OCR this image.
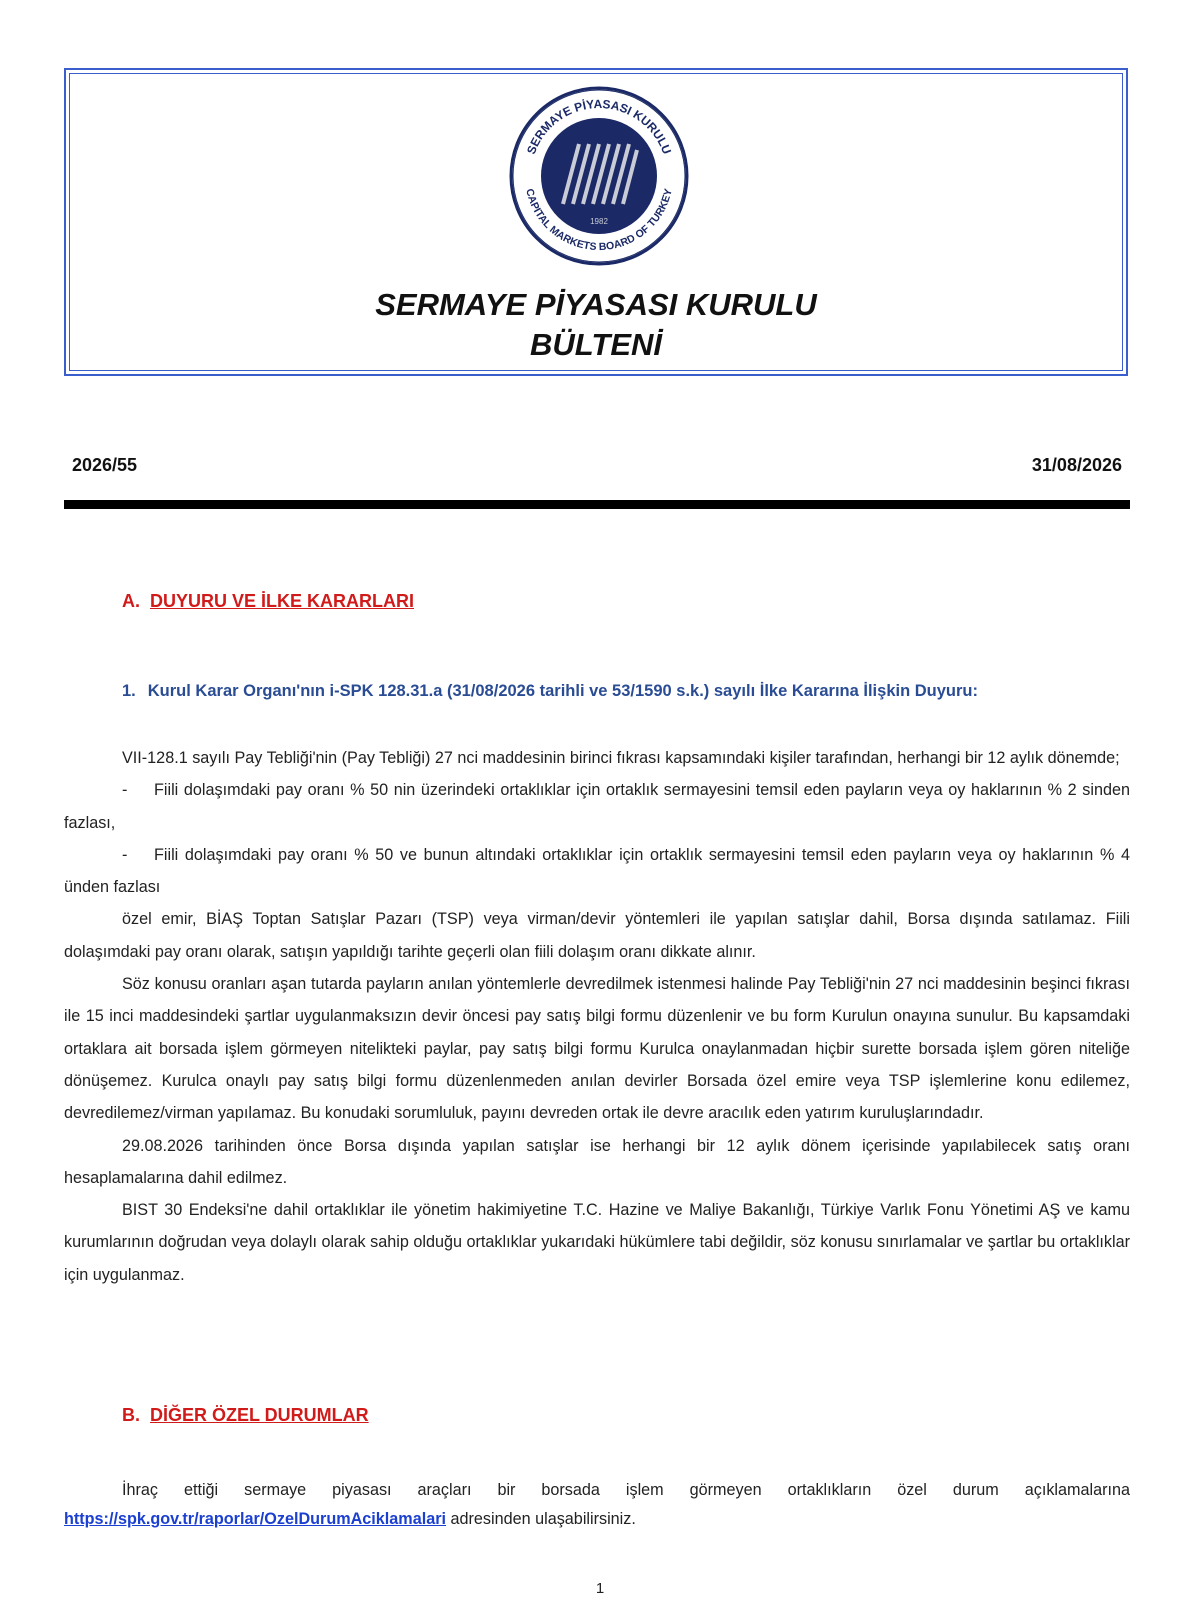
SERMAYE PİYASASI KURULU
CAPITAL MARKETS BOARD OF TURKEY
1982
SERMAYE PİYASASI KURULU
BÜLTENİ
2026/55	31/08/2026
A. DUYURU VE İLKE KARARLARI
1. Kurul Karar Organı'nın i-SPK 128.31.a (31/08/2026 tarihli ve 53/1590 s.k.) sayılı İlke Kararına İlişkin Duyuru:

VII-128.1 sayılı Pay Tebliği'nin (Pay Tebliği) 27 nci maddesinin birinci fıkrası kapsamındaki kişiler tarafından, herhangi bir 12 aylık dönemde;

- Fiili dolaşımdaki pay oranı % 50 nin üzerindeki ortaklıklar için ortaklık sermayesini temsil eden payların veya oy haklarının % 2 sinden fazlası,

- Fiili dolaşımdaki pay oranı % 50 ve bunun altındaki ortaklıklar için ortaklık sermayesini temsil eden payların veya oy haklarının % 4 ünden fazlası

özel emir, BİAŞ Toptan Satışlar Pazarı (TSP) veya virman/devir yöntemleri ile yapılan satışlar dahil, Borsa dışında satılamaz. Fiili dolaşımdaki pay oranı olarak, satışın yapıldığı tarihte geçerli olan fiili dolaşım oranı dikkate alınır.

Söz konusu oranları aşan tutarda payların anılan yöntemlerle devredilmek istenmesi halinde Pay Tebliği'nin 27 nci maddesinin beşinci fıkrası ile 15 inci maddesindeki şartlar uygulanmaksızın devir öncesi pay satış bilgi formu düzenlenir ve bu form Kurulun onayına sunulur. Bu kapsamdaki ortaklara ait borsada işlem görmeyen nitelikteki paylar, pay satış bilgi formu Kurulca onaylanmadan hiçbir surette borsada işlem gören niteliğe dönüşemez. Kurulca onaylı pay satış bilgi formu düzenlenmeden anılan devirler Borsada özel emire veya TSP işlemlerine konu edilemez, devredilemez/virman yapılamaz. Bu konudaki sorumluluk, payını devreden ortak ile devre aracılık eden yatırım kuruluşlarındadır.

29.08.2026 tarihinden önce Borsa dışında yapılan satışlar ise herhangi bir 12 aylık dönem içerisinde yapılabilecek satış oranı hesaplamalarına dahil edilmez.

BIST 30 Endeksi'ne dahil ortaklıklar ile yönetim hakimiyetine T.C. Hazine ve Maliye Bakanlığı, Türkiye Varlık Fonu Yönetimi AŞ ve kamu kurumlarının doğrudan veya dolaylı olarak sahip olduğu ortaklıklar yukarıdaki hükümlere tabi değildir, söz konusu sınırlamalar ve şartlar bu ortaklıklar için uygulanmaz.

B. DİĞER ÖZEL DURUMLAR

İhraç ettiği sermaye piyasası araçları bir borsada işlem görmeyen ortaklıkların özel durum açıklamalarına https://spk.gov.tr/raporlar/OzelDurumAciklamalari adresinden ulaşabilirsiniz.

1
